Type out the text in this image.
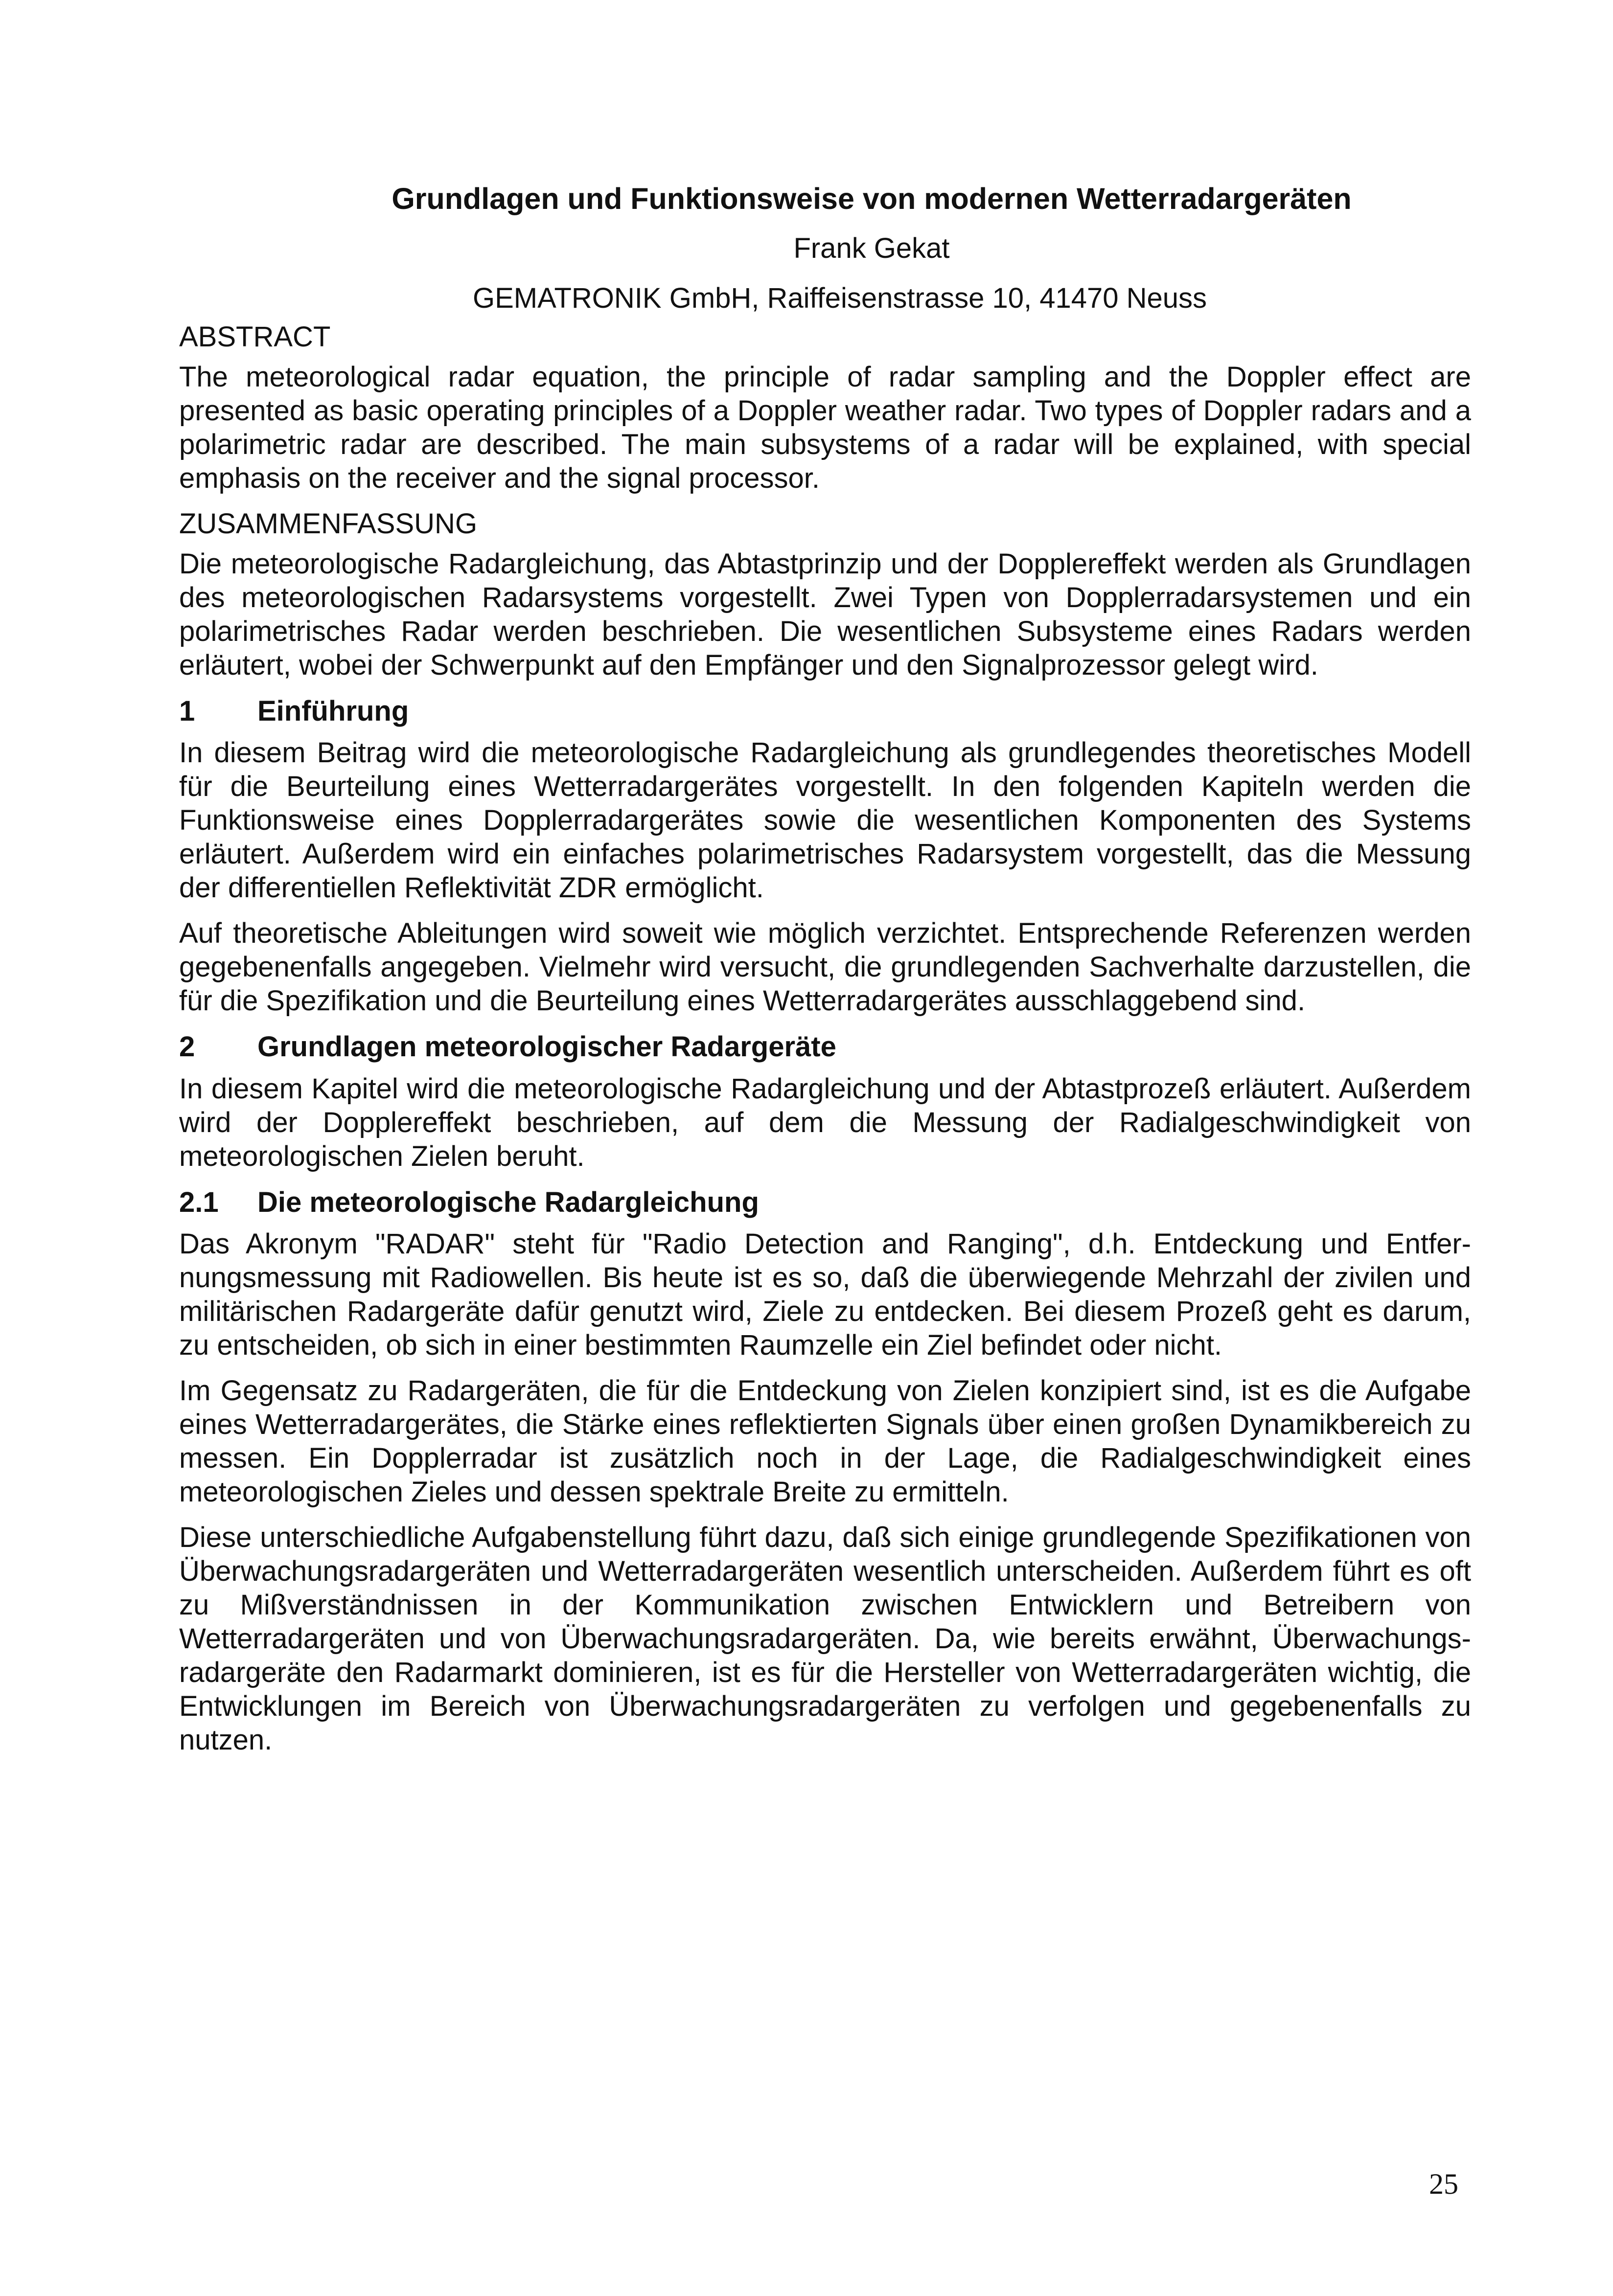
Grundlagen und Funktionsweise von modernen Wetterradargeräten
Frank Gekat
GEMATRONIK GmbH, Raiffeisenstrasse 10, 41470 Neuss
ABSTRACT

The meteorological radar equation, the principle of radar sampling and the Doppler effect are presented as basic operating principles of a Doppler weather radar. Two types of Doppler radars and a polarimetric radar are described. The main subsystems of a radar will be explained, with special emphasis on the receiver and the signal processor.

ZUSAMMENFASSUNG

Die meteorologische Radargleichung, das Abtastprinzip und der Dopplereffekt werden als Grundlagen des meteorologischen Radarsystems vorgestellt. Zwei Typen von Dopplerradarsystemen und ein polarimetrisches Radar werden beschrieben. Die wesentlichen Subsysteme eines Radars werden erläutert, wobei der Schwerpunkt auf den Empfänger und den Signalprozessor gelegt wird.

1	Einführung

In diesem Beitrag wird die meteorologische Radargleichung als grundlegendes theoretisches Modell für die Beurteilung eines Wetterradargerätes vorgestellt. In den folgenden Kapiteln werden die Funktionsweise eines Dopplerradargerätes sowie die wesentlichen Komponenten des Systems erläutert. Außerdem wird ein einfaches polarimetrisches Radarsystem vorgestellt, das die Messung der differentiellen Reflektivität ZDR ermöglicht.

Auf theoretische Ableitungen wird soweit wie möglich verzichtet. Entsprechende Referenzen werden gegebenenfalls angegeben. Vielmehr wird versucht, die grundlegenden Sachverhalte darzustellen, die für die Spezifikation und die Beurteilung eines Wetterradargerätes ausschlaggebend sind.

2	Grundlagen meteorologischer Radargeräte

In diesem Kapitel wird die meteorologische Radargleichung und der Abtastprozeß erläutert. Außerdem wird der Dopplereffekt beschrieben, auf dem die Messung der Radialgeschwindigkeit von meteorologischen Zielen beruht.

2.1	Die meteorologische Radargleichung

Das Akronym "RADAR" steht für "Radio Detection and Ranging", d.h. Entdeckung und Entfernungsmessung mit Radiowellen. Bis heute ist es so, daß die überwiegende Mehrzahl der zivilen und militärischen Radargeräte dafür genutzt wird, Ziele zu entdecken. Bei diesem Prozeß geht es darum, zu entscheiden, ob sich in einer bestimmten Raumzelle ein Ziel befindet oder nicht.

Im Gegensatz zu Radargeräten, die für die Entdeckung von Zielen konzipiert sind, ist es die Aufgabe eines Wetterradargerätes, die Stärke eines reflektierten Signals über einen großen Dynamikbereich zu messen. Ein Dopplerradar ist zusätzlich noch in der Lage, die Radialgeschwindigkeit eines meteorologischen Zieles und dessen spektrale Breite zu ermitteln.

Diese unterschiedliche Aufgabenstellung führt dazu, daß sich einige grundlegende Spezifikationen von Überwachungsradargeräten und Wetterradargeräten wesentlich unterscheiden. Außerdem führt es oft zu Mißverständnissen in der Kommunikation zwischen Entwicklern und Betreibern von Wetterradargeräten und von Überwachungsradargeräten. Da, wie bereits erwähnt, Überwachungsradargeräte den Radarmarkt dominieren, ist es für die Hersteller von Wetterradargeräten wichtig, die Entwicklungen im Bereich von Überwachungsradargeräten zu verfolgen und gegebenenfalls zu nutzen.

25
